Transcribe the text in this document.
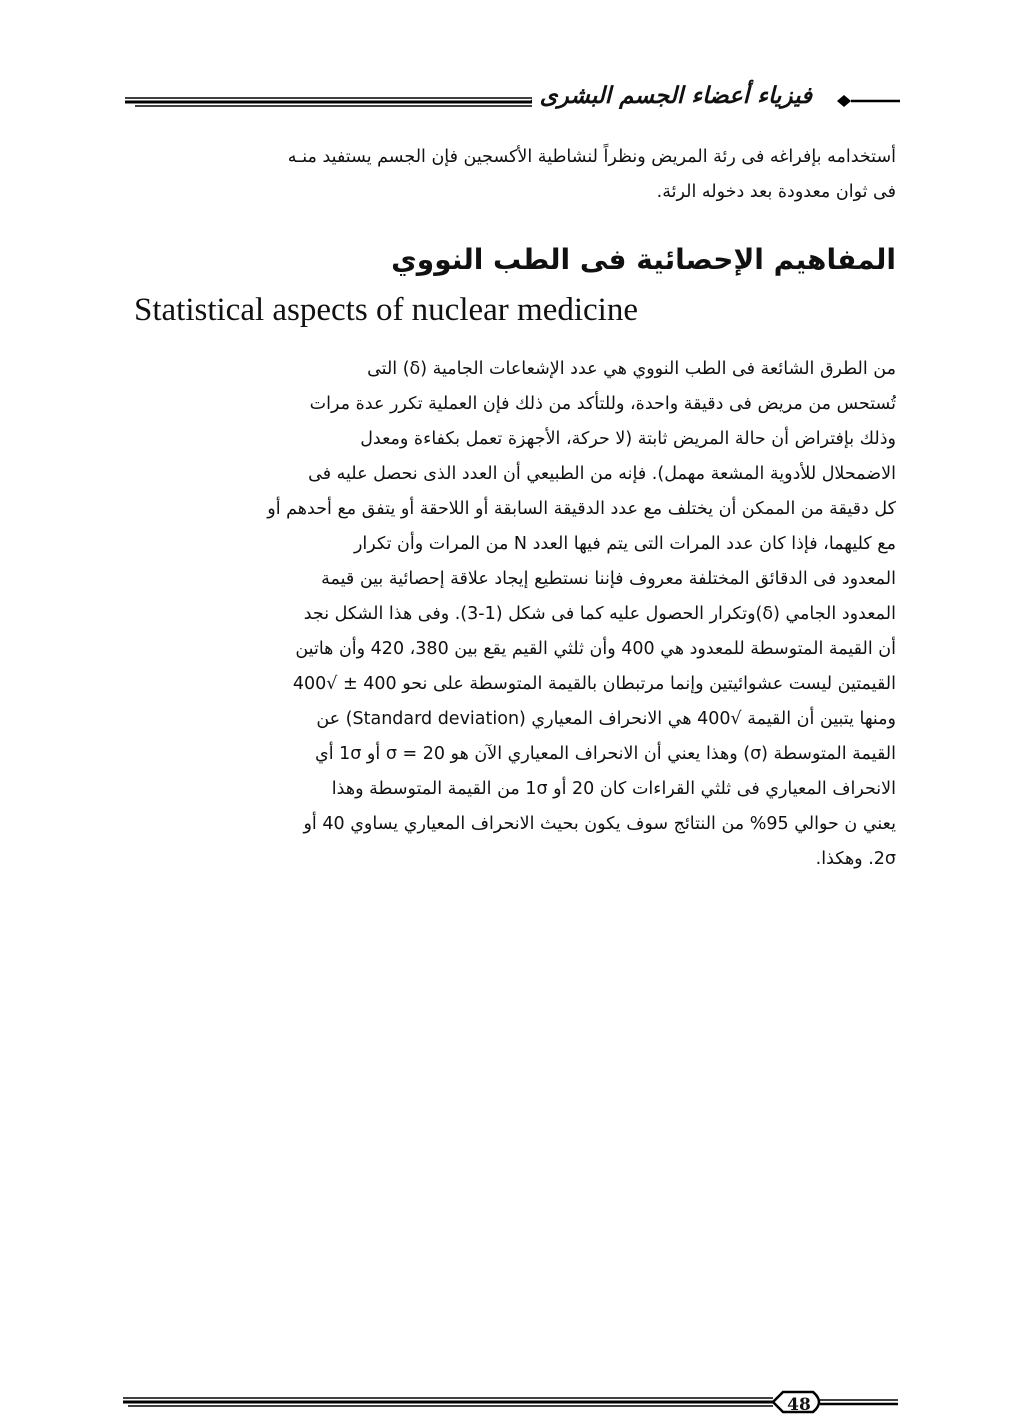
فيزياء أعضاء الجسم البشرى
أستخدامه بإفراغه فى رئة المريض ونظراً لنشاطية الأكسجين فإن الجسم يستفيد منـه
فى ثوان معدودة بعد دخوله الرئة.
المفاهيم الإحصائية فى الطب النووي
Statistical aspects of nuclear medicine
من الطرق الشائعة فى الطب النووي هي عدد الإشعاعات الجامية (δ) التى
تُستحس من مريض فى دقيقة واحدة، وللتأكد من ذلك فإن العملية تكرر عدة مرات
وذلك بإفتراض أن حالة المريض ثابتة (لا حركة، الأجهزة تعمل بكفاءة ومعدل
الاضمحلال للأدوية المشعة مهمل). فإنه من الطبيعي أن العدد الذى نحصل عليه فى
كل دقيقة من الممكن أن يختلف مع عدد الدقيقة السابقة أو اللاحقة أو يتفق مع أحدهم أو
مع كليهما، فإذا كان عدد المرات التى يتم فيها العدد N من المرات وأن تكرار
المعدود فى الدقائق المختلفة معروف فإننا نستطيع إيجاد علاقة إحصائية بين قيمة
المعدود الجامي (δ)وتكرار الحصول عليه كما فى شكل (1-3). وفى هذا الشكل نجد
أن القيمة المتوسطة للمعدود هي 400 وأن ثلثي القيم يقع بين 380، 420 وأن هاتين
القيمتين ليست عشوائيتين وإنما مرتبطان بالقيمة المتوسطة على نحو 400 ± √400
ومنها يتبين أن القيمة √400 هي الانحراف المعياري (Standard deviation) عن
القيمة المتوسطة (σ) وهذا يعني أن الانحراف المعياري الآن هو σ = 20 أو 1σ أي
الانحراف المعياري فى ثلثي القراءات كان 20 أو 1σ من القيمة المتوسطة وهذا
يعني ن حوالي 95% من النتائج سوف يكون بحيث الانحراف المعياري يساوي 40 أو
2σ. وهكذا.
48
